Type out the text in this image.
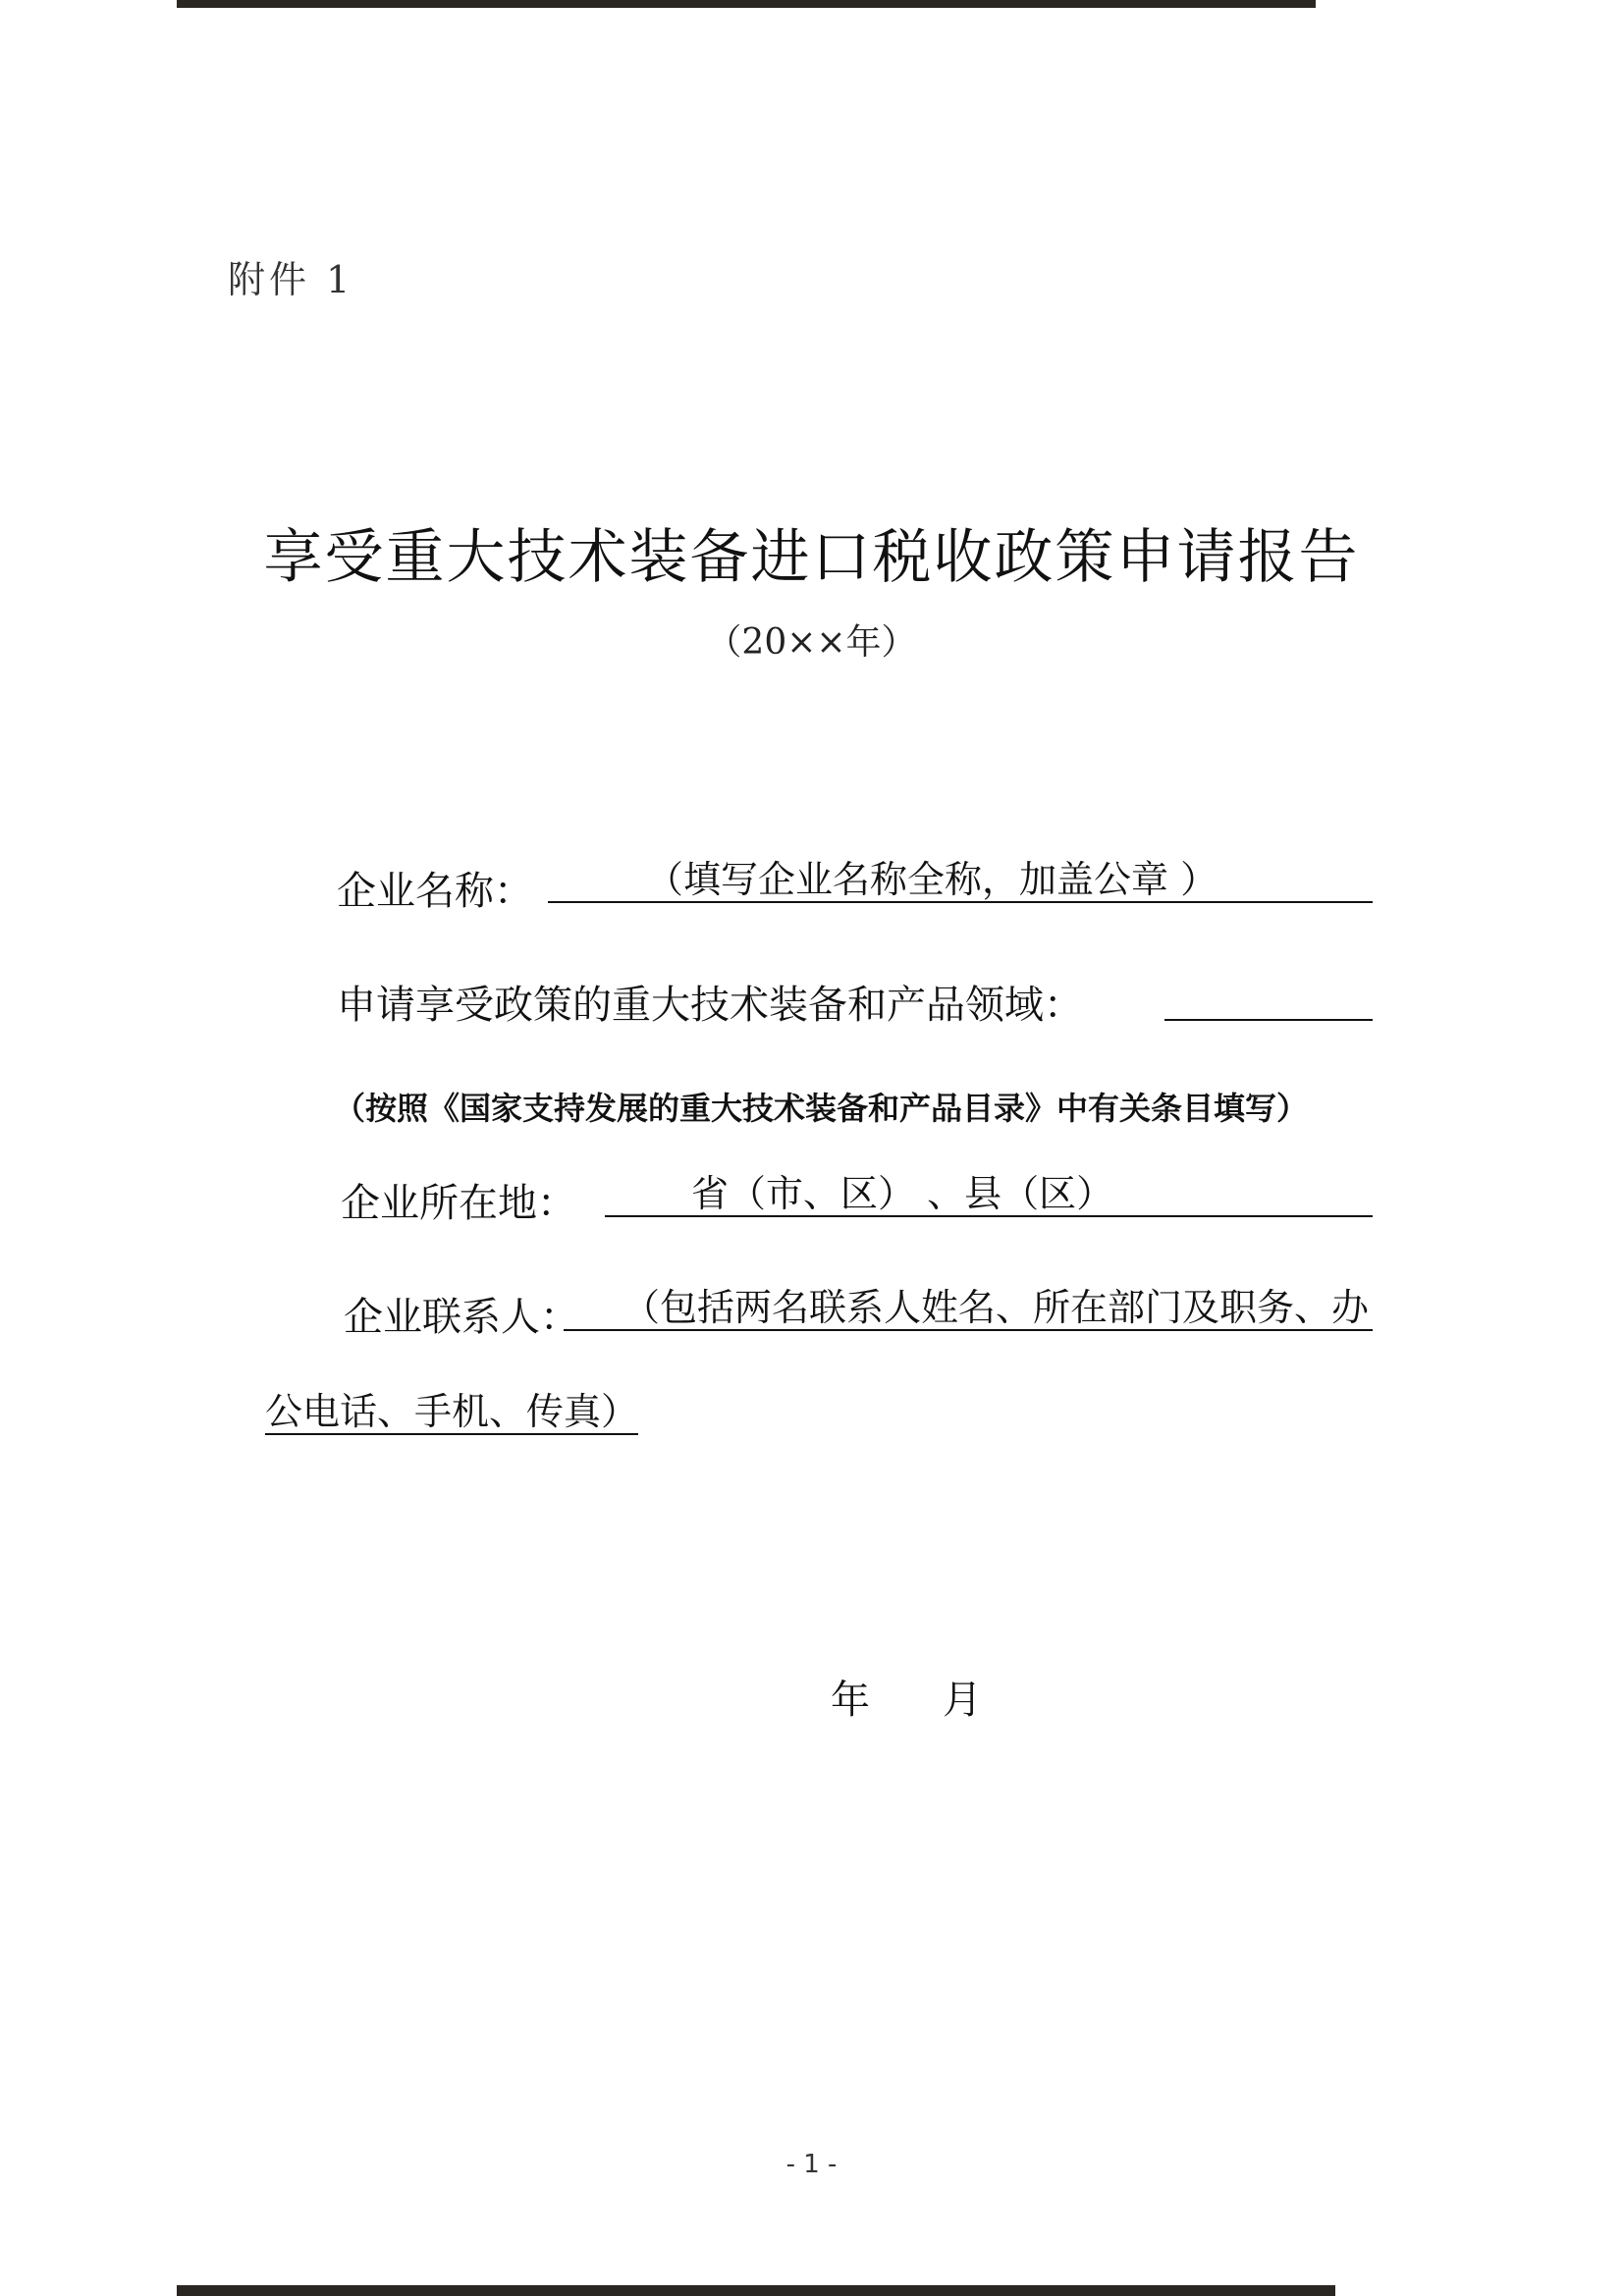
附件 1
享受重大技术装备进口税收政策申请报告
（20××年）
企业名称：	（填写企业名称全称，加盖公章 ）
申请享受政策的重大技术装备和产品领域：
（按照《国家支持发展的重大技术装备和产品目录》中有关条目填写）
企业所在地：	省（市、区） 、县（区）
企业联系人：	（包括两名联系人姓名、所在部门及职务、办
公电话、手机、传真）
年 月
- 1 -
